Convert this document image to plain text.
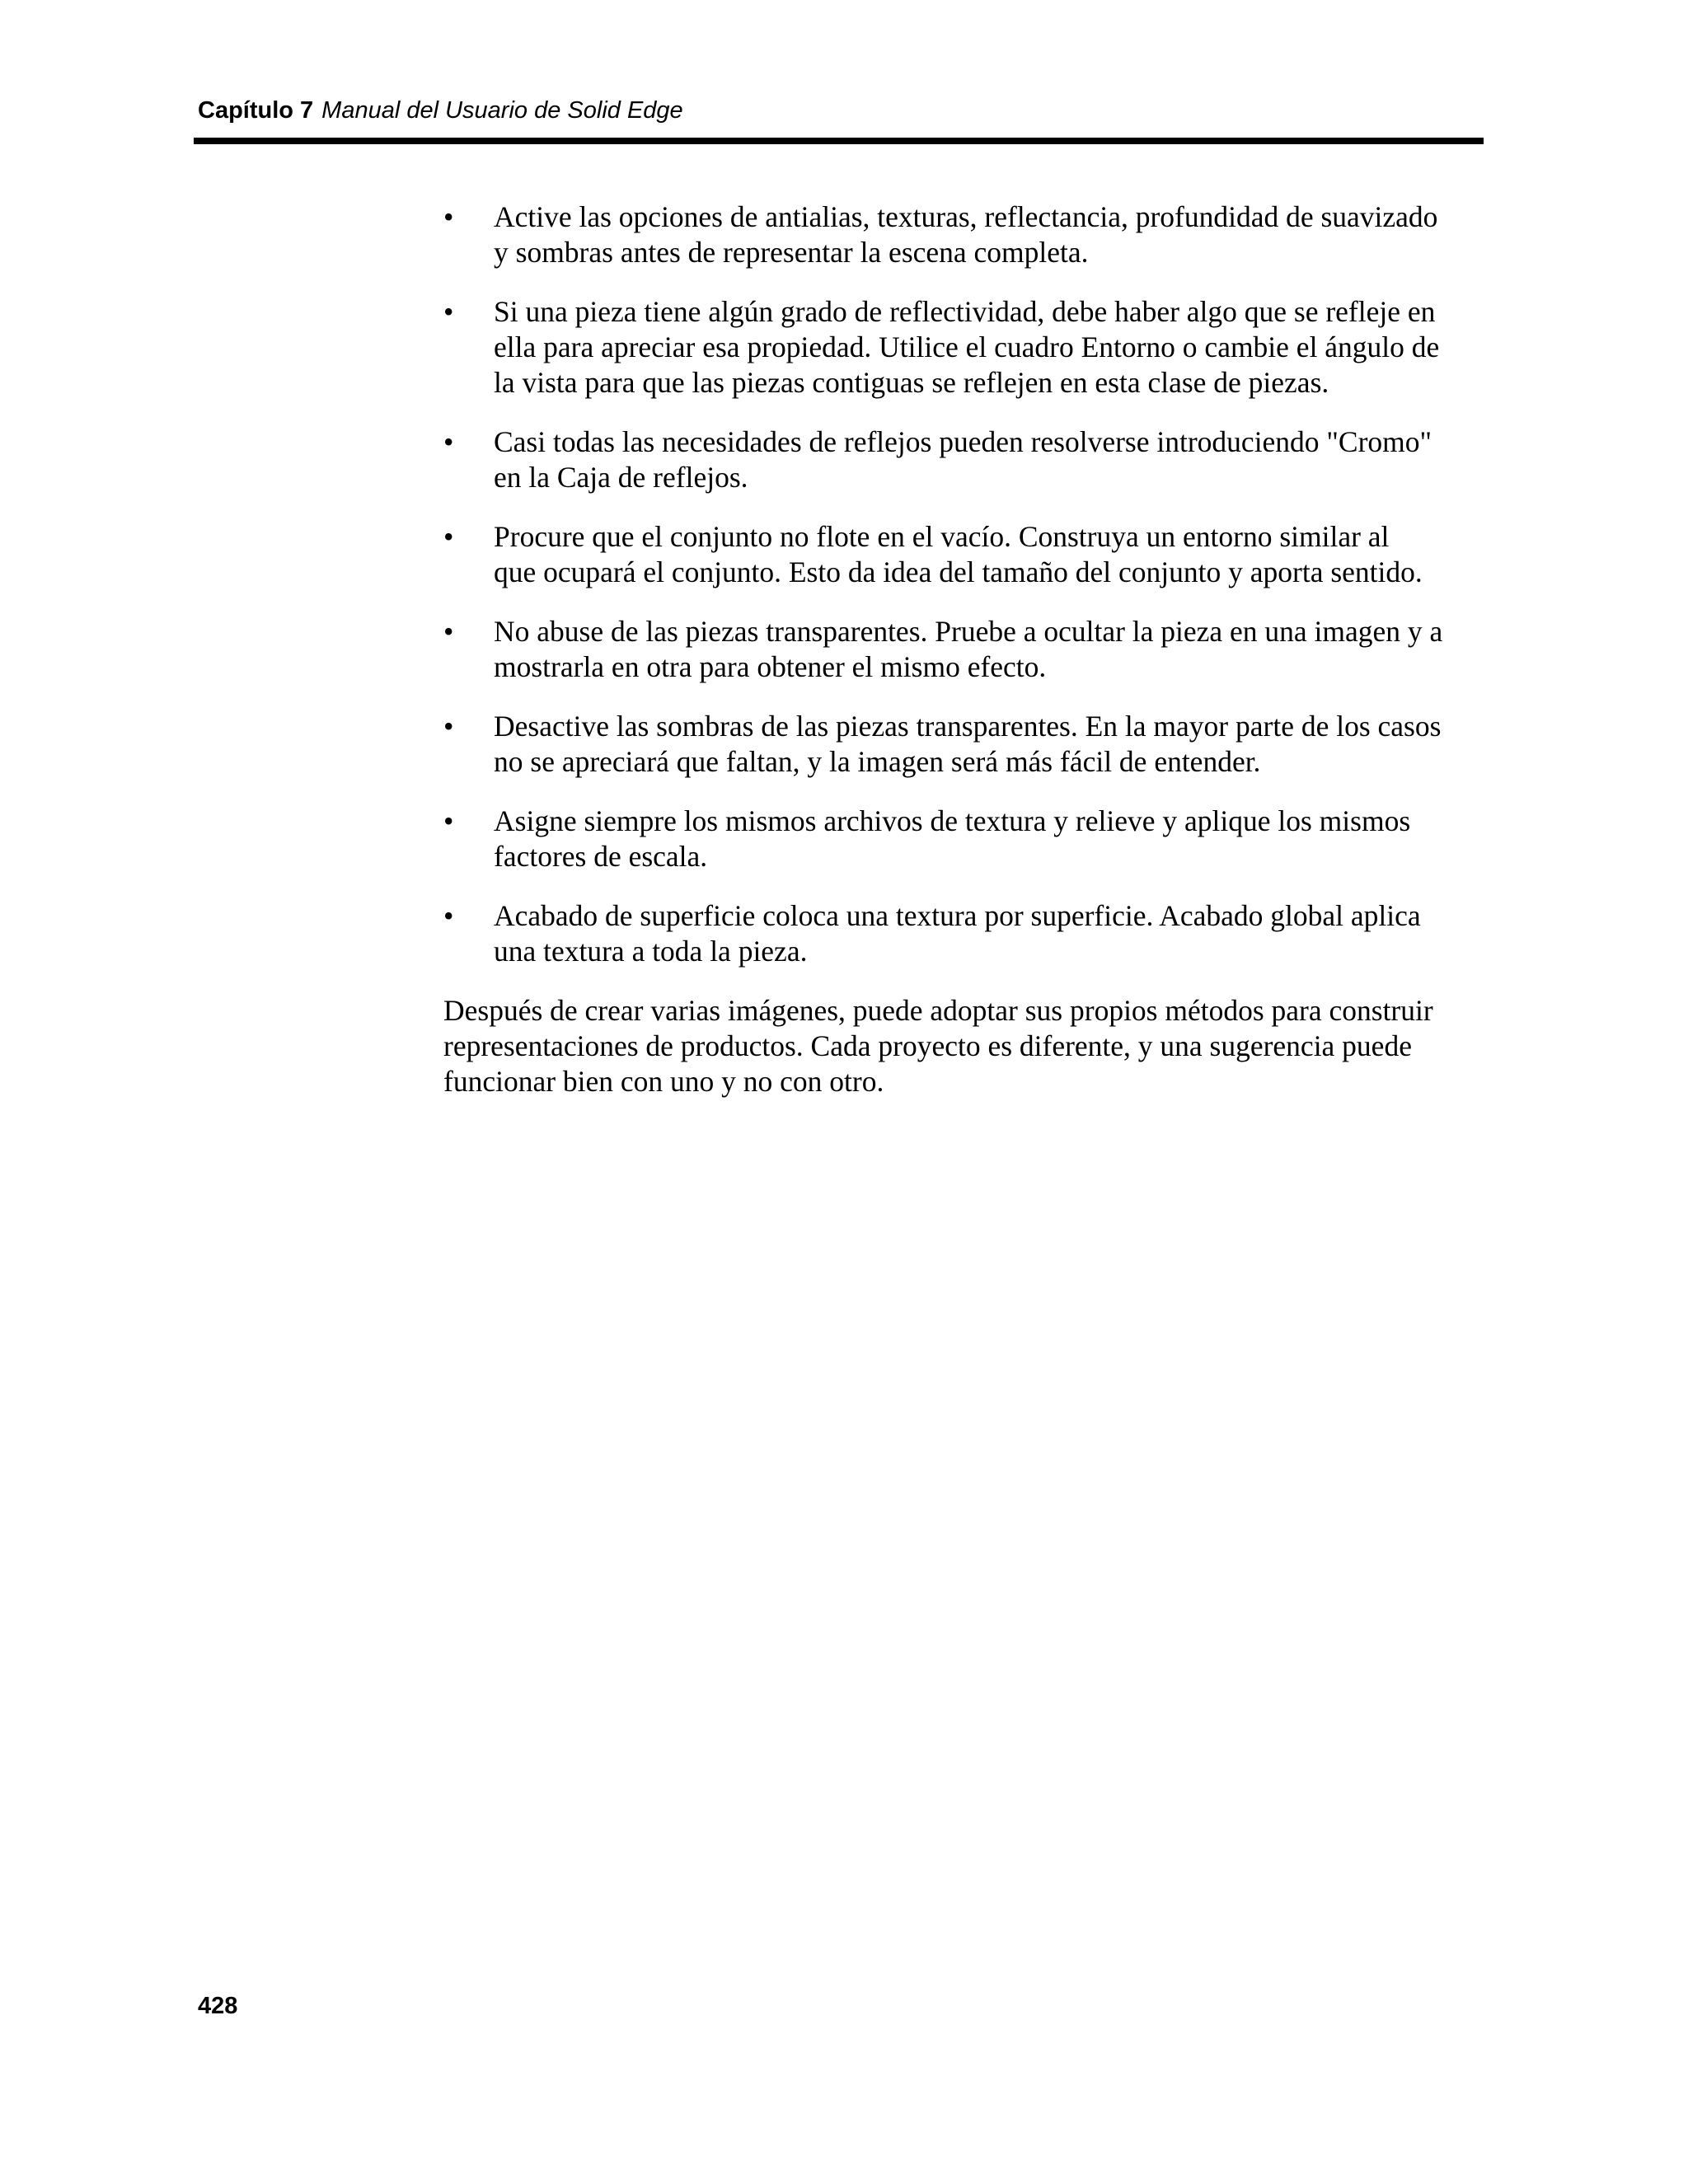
Capítulo 7 Manual del Usuario de Solid Edge
•	Active las opciones de antialias, texturas, reflectancia, profundidad de suavizado
y sombras antes de representar la escena completa.
•	Si una pieza tiene algún grado de reflectividad, debe haber algo que se refleje en
ella para apreciar esa propiedad. Utilice el cuadro Entorno o cambie el ángulo de
la vista para que las piezas contiguas se reflejen en esta clase de piezas.
•	Casi todas las necesidades de reflejos pueden resolverse introduciendo "Cromo"
en la Caja de reflejos.
•	Procure que el conjunto no flote en el vacío. Construya un entorno similar al
que ocupará el conjunto. Esto da idea del tamaño del conjunto y aporta sentido.
•	No abuse de las piezas transparentes. Pruebe a ocultar la pieza en una imagen y a
mostrarla en otra para obtener el mismo efecto.
•	Desactive las sombras de las piezas transparentes. En la mayor parte de los casos
no se apreciará que faltan, y la imagen será más fácil de entender.
•	Asigne siempre los mismos archivos de textura y relieve y aplique los mismos
factores de escala.
•	Acabado de superficie coloca una textura por superficie. Acabado global aplica
una textura a toda la pieza.

Después de crear varias imágenes, puede adoptar sus propios métodos para construir
representaciones de productos. Cada proyecto es diferente, y una sugerencia puede
funcionar bien con uno y no con otro.

428
